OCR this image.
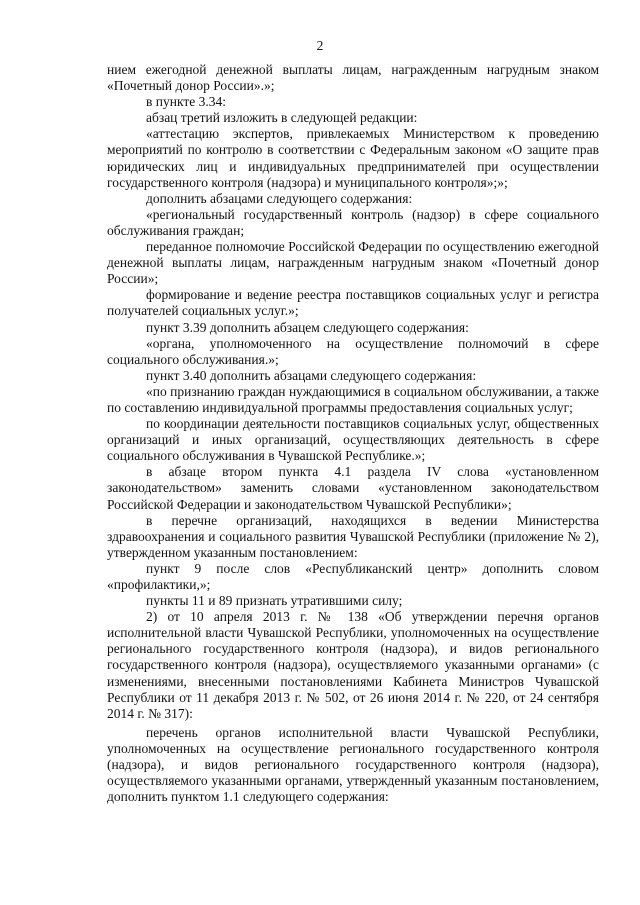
2

нием ежегодной денежной выплаты лицам, награжденным нагрудным знаком «Почетный донор России».»;

в пункте 3.34:

абзац третий изложить в следующей редакции:

«аттестацию экспертов, привлекаемых Министерством к проведению мероприятий по контролю в соответствии с Федеральным законом «О защите прав юридических лиц и индивидуальных предпринимателей при осуществлении государственного контроля (надзора) и муниципального контроля»;»;

дополнить абзацами следующего содержания:

«региональный государственный контроль (надзор) в сфере социального обслуживания граждан;

переданное полномочие Российской Федерации по осуществлению ежегодной денежной выплаты лицам, награжденным нагрудным знаком «Почетный донор России»;

формирование и ведение реестра поставщиков социальных услуг и регистра получателей социальных услуг.»;

пункт 3.39 дополнить абзацем следующего содержания:

«органа, уполномоченного на осуществление полномочий в сфере социального обслуживания.»;

пункт 3.40 дополнить абзацами следующего содержания:

«по признанию граждан нуждающимися в социальном обслуживании, а также по составлению индивидуальной программы предоставления социальных услуг;

по координации деятельности поставщиков социальных услуг, общественных организаций и иных организаций, осуществляющих деятельность в сфере социального обслуживания в Чувашской Республике.»;

в абзаце втором пункта 4.1 раздела IV слова «установленном законодательством» заменить словами «установленном законодательством Российской Федерации и законодательством Чувашской Республики»;

в перечне организаций, находящихся в ведении Министерства здравоохранения и социального развития Чувашской Республики (приложение № 2), утвержденном указанным постановлением:

пункт 9 после слов «Республиканский центр» дополнить словом «профилактики,»;

пункты 11 и 89 признать утратившими силу;

2) от 10 апреля 2013 г. № 138 «Об утверждении перечня органов исполнительной власти Чувашской Республики, уполномоченных на осуществление регионального государственного контроля (надзора), и видов регионального государственного контроля (надзора), осуществляемого указанными органами» (с изменениями, внесенными постановлениями Кабинета Министров Чувашской Республики от 11 декабря 2013 г. № 502, от 26 июня 2014 г. № 220, от 24 сентября 2014 г. № 317):

перечень органов исполнительной власти Чувашской Республики, уполномоченных на осуществление регионального государственного контроля (надзора), и видов регионального государственного контроля (надзора), осуществляемого указанными органами, утвержденный указанным постановлением, дополнить пунктом 1.1 следующего содержания:
